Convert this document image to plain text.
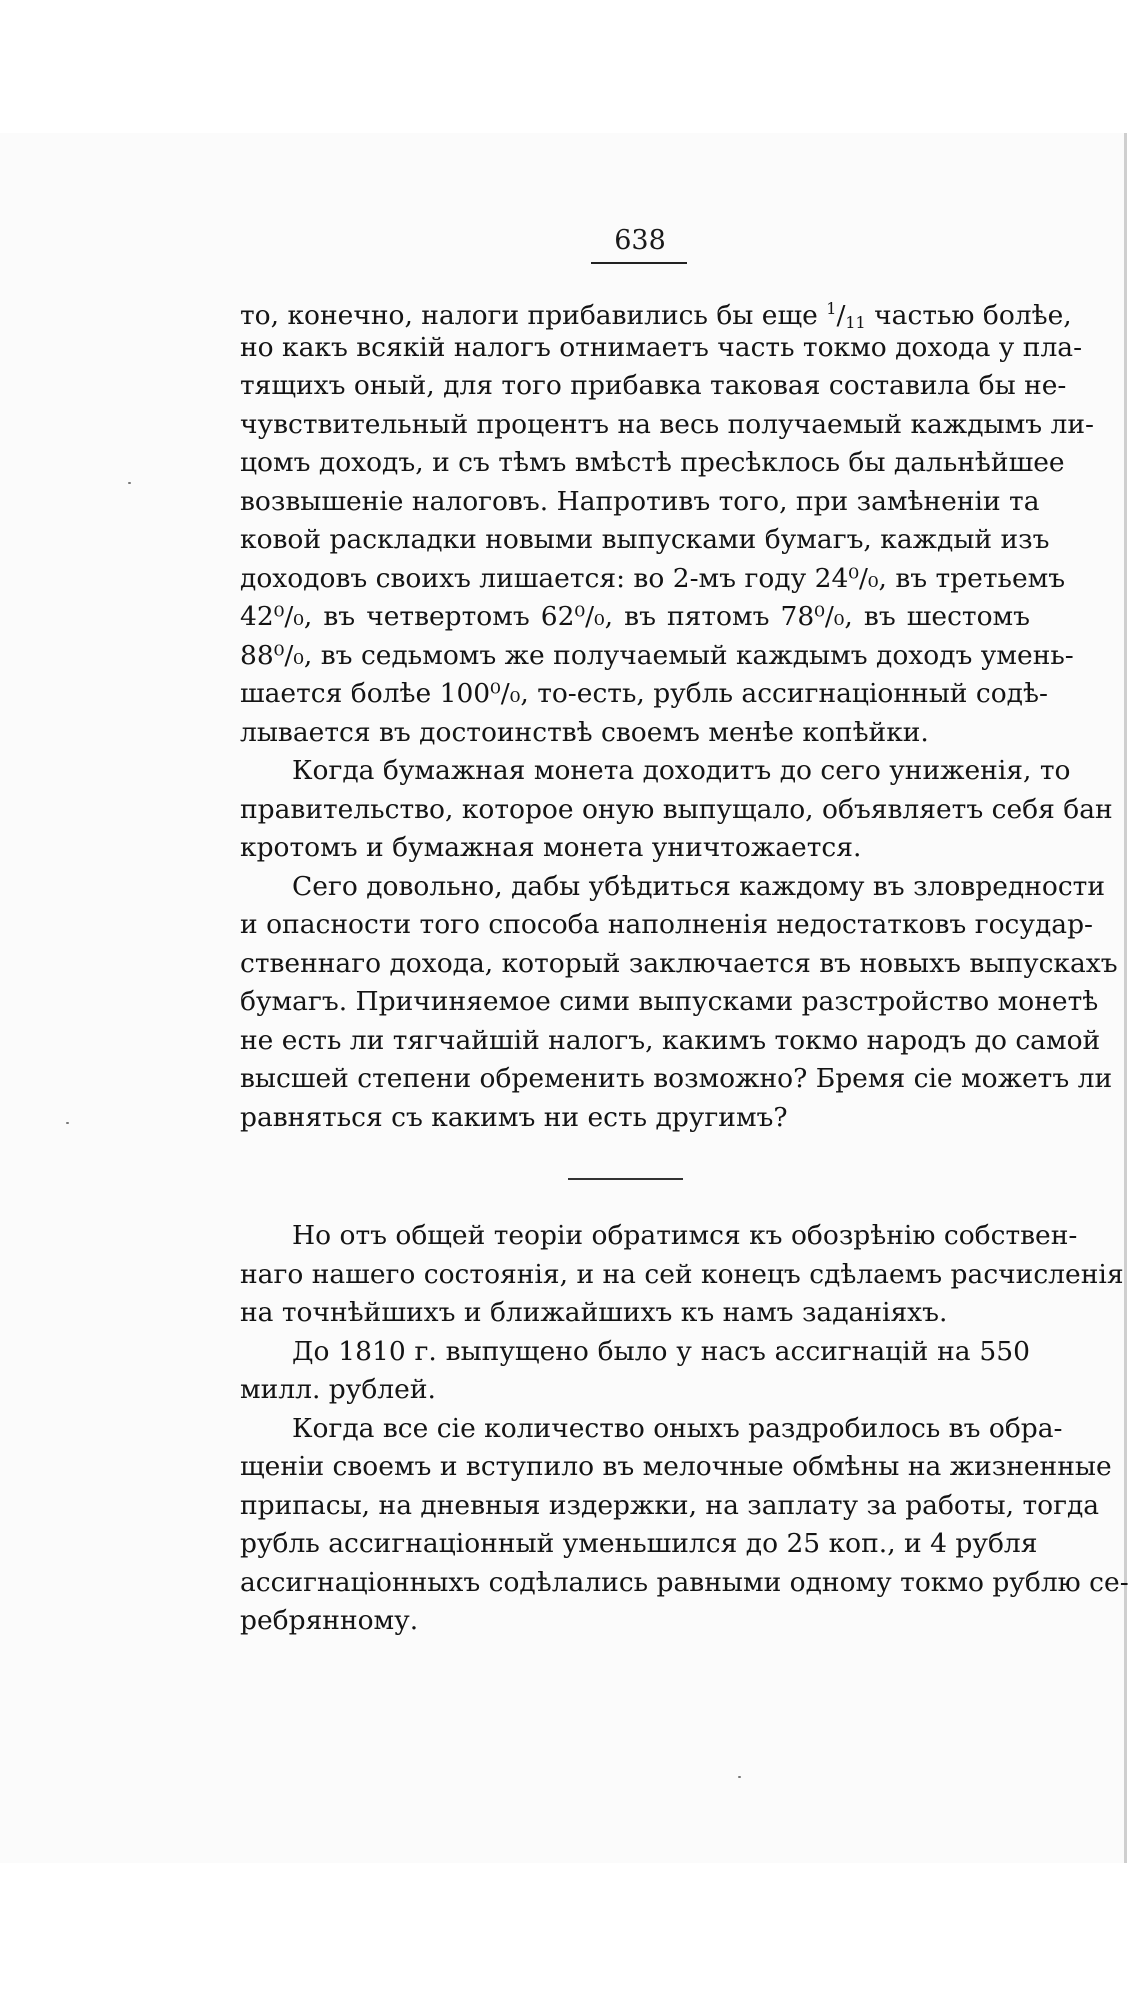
638
то, конечно, налоги прибавились бы еще $^1/_{11}$ частью болѣе,
но какъ всякій налогъ отнимаетъ часть токмо дохода у пла-
тящихъ оный, для того прибавка таковая составила бы не-
чувствительный процентъ на весь получаемый каждымъ ли-
цомъ доходъ, и съ тѣмъ вмѣстѣ пресѣклось бы дальнѣйшее
возвышеніе налоговъ. Напротивъ того, при замѣненіи та
ковой раскладки новыми выпусками бумагъ, каждый изъ
доходовъ своихъ лишается: во 2-мъ году 24⁰/₀, въ третьемъ
42⁰/₀, въ четвертомъ 62⁰/₀, въ пятомъ 78⁰/₀, въ шестомъ
88⁰/₀, въ седьмомъ же получаемый каждымъ доходъ умень-
шается болѣе 100⁰/₀, то-есть, рубль ассигнаціонный содѣ-
лывается въ достоинствѣ своемъ менѣе копѣйки.
Когда бумажная монета доходитъ до сего униженія, то
правительство, которое оную выпущало, объявляетъ себя бан
кротомъ и бумажная монета уничтожается.
Сего довольно, дабы убѣдиться каждому въ зловредности
и опасности того способа наполненія недостатковъ государ-
ственнаго дохода, который заключается въ новыхъ выпускахъ
бумагъ. Причиняемое сими выпусками разстройство монетѣ
не есть ли тягчайшій налогъ, какимъ токмо народъ до самой
высшей степени обременить возможно? Бремя сіе можетъ ли
равняться съ какимъ ни есть другимъ?
Но отъ общей теоріи обратимся къ обозрѣнію собствен-
наго нашего состоянія, и на сей конецъ сдѣлаемъ расчисленія
на точнѣйшихъ и ближайшихъ къ намъ заданіяхъ.
До 1810 г. выпущено было у насъ ассигнацій на 550
милл. рублей.
Когда все сіе количество оныхъ раздробилось въ обра-
щеніи своемъ и вступило въ мелочные обмѣны на жизненные
припасы, на дневныя издержки, на заплату за работы, тогда
рубль ассигнаціонный уменьшился до 25 коп., и 4 рубля
ассигнаціонныхъ содѣлались равными одному токмо рублю се-
ребрянному.
